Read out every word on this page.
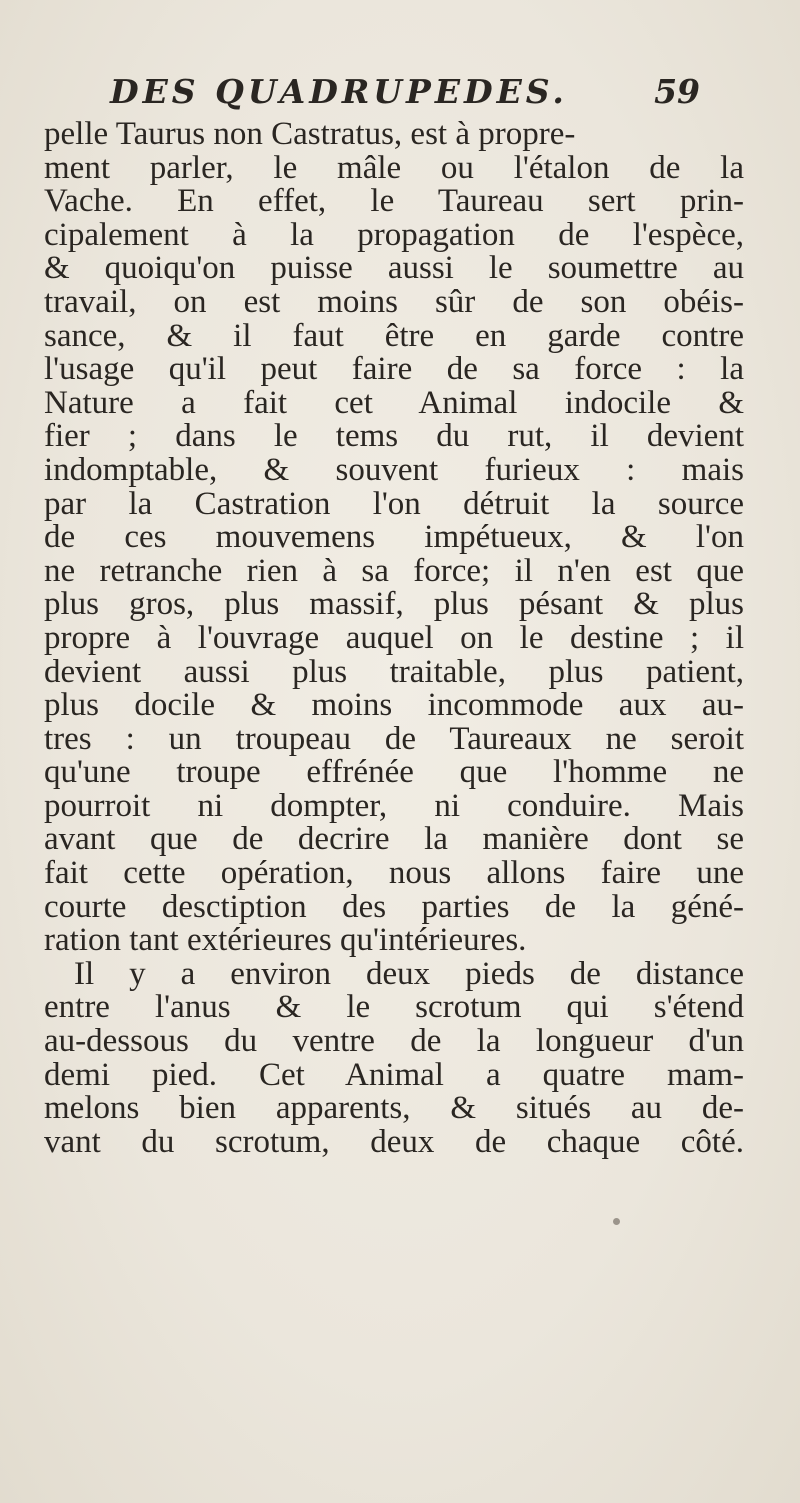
DES QUADRUPEDES.	59
pelle Taurus non Castratus, est à propre-
ment parler, le mâle ou l'étalon de la
Vache. En effet, le Taureau sert prin-
cipalement à la propagation de l'espèce,
& quoiqu'on puisse aussi le soumettre au
travail, on est moins sûr de son obéis-
sance, & il faut être en garde contre
l'usage qu'il peut faire de sa force : la
Nature a fait cet Animal indocile &
fier ; dans le tems du rut, il devient
indomptable, & souvent furieux : mais
par la Castration l'on détruit la source
de ces mouvemens impétueux, & l'on
ne retranche rien à sa force; il n'en est que
plus gros, plus massif, plus pésant & plus
propre à l'ouvrage auquel on le destine ; il
devient aussi plus traitable, plus patient,
plus docile & moins incommode aux au-
tres : un troupeau de Taureaux ne seroit
qu'une troupe effrénée que l'homme ne
pourroit ni dompter, ni conduire. Mais
avant que de decrire la manière dont se
fait cette opération, nous allons faire une
courte desctiption des parties de la géné-
ration tant extérieures qu'intérieures.
Il y a environ deux pieds de distance
entre l'anus & le scrotum qui s'étend
au-dessous du ventre de la longueur d'un
demi pied. Cet Animal a quatre mam-
melons bien apparents, & situés au de-
vant du scrotum, deux de chaque côté.
